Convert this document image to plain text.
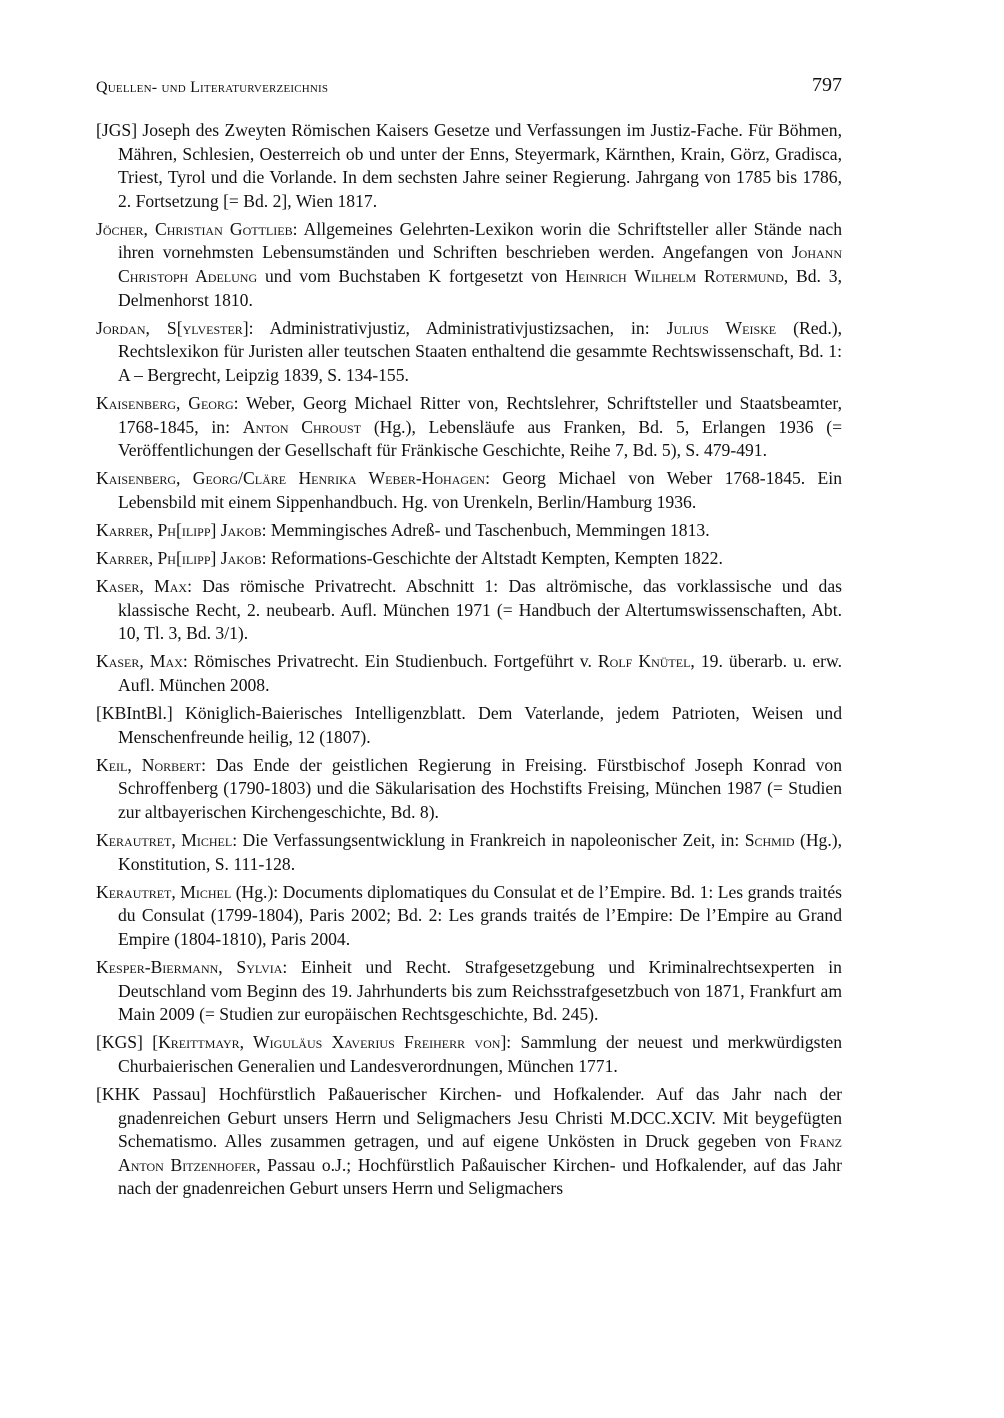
Quellen- und Literaturverzeichnis	797

[JGS] Joseph des Zweyten Römischen Kaisers Gesetze und Verfassungen im Justiz-Fache. Für Böhmen, Mähren, Schlesien, Oesterreich ob und unter der Enns, Steyermark, Kärnthen, Krain, Görz, Gradisca, Triest, Tyrol und die Vorlande. In dem sechsten Jahre seiner Regierung. Jahrgang von 1785 bis 1786, 2. Fortsetzung [= Bd. 2], Wien 1817.

Jöcher, Christian Gottlieb: Allgemeines Gelehrten-Lexikon worin die Schriftsteller aller Stände nach ihren vornehmsten Lebensumständen und Schriften beschrieben werden. Angefangen von Johann Christoph Adelung und vom Buchstaben K fortgesetzt von Heinrich Wilhelm Rotermund, Bd. 3, Delmenhorst 1810.

Jordan, S[ylvester]: Administrativjustiz, Administrativjustizsachen, in: Julius Weiske (Red.), Rechtslexikon für Juristen aller teutschen Staaten enthaltend die gesammte Rechtswissenschaft, Bd. 1: A – Bergrecht, Leipzig 1839, S. 134-155.

Kaisenberg, Georg: Weber, Georg Michael Ritter von, Rechtslehrer, Schriftsteller und Staatsbeamter, 1768-1845, in: Anton Chroust (Hg.), Lebensläufe aus Franken, Bd. 5, Erlangen 1936 (= Veröffentlichungen der Gesellschaft für Fränkische Geschichte, Reihe 7, Bd. 5), S. 479-491.

Kaisenberg, Georg/Cläre Henrika Weber-Hohagen: Georg Michael von Weber 1768-1845. Ein Lebensbild mit einem Sippenhandbuch. Hg. von Urenkeln, Berlin/Hamburg 1936.

Karrer, Ph[ilipp] Jakob: Memmingisches Adreß- und Taschenbuch, Memmingen 1813.

Karrer, Ph[ilipp] Jakob: Reformations-Geschichte der Altstadt Kempten, Kempten 1822.

Kaser, Max: Das römische Privatrecht. Abschnitt 1: Das altrömische, das vorklassische und das klassische Recht, 2. neubearb. Aufl. München 1971 (= Handbuch der Altertumswissenschaften, Abt. 10, Tl. 3, Bd. 3/1).

Kaser, Max: Römisches Privatrecht. Ein Studienbuch. Fortgeführt v. Rolf Knütel, 19. überarb. u. erw. Aufl. München 2008.

[KBIntBl.] Königlich-Baierisches Intelligenzblatt. Dem Vaterlande, jedem Patrioten, Weisen und Menschenfreunde heilig, 12 (1807).

Keil, Norbert: Das Ende der geistlichen Regierung in Freising. Fürstbischof Joseph Konrad von Schroffenberg (1790-1803) und die Säkularisation des Hochstifts Freising, München 1987 (= Studien zur altbayerischen Kirchengeschichte, Bd. 8).

Kerautret, Michel: Die Verfassungsentwicklung in Frankreich in napoleonischer Zeit, in: Schmid (Hg.), Konstitution, S. 111-128.

Kerautret, Michel (Hg.): Documents diplomatiques du Consulat et de l’Empire. Bd. 1: Les grands traités du Consulat (1799-1804), Paris 2002; Bd. 2: Les grands traités de l’Empire: De l’Empire au Grand Empire (1804-1810), Paris 2004.

Kesper-Biermann, Sylvia: Einheit und Recht. Strafgesetzgebung und Kriminalrechtsexperten in Deutschland vom Beginn des 19. Jahrhunderts bis zum Reichsstrafgesetzbuch von 1871, Frankfurt am Main 2009 (= Studien zur europäischen Rechtsgeschichte, Bd. 245).

[KGS] [Kreittmayr, Wiguläus Xaverius Freiherr von]: Sammlung der neuest und merkwürdigsten Churbaierischen Generalien und Landesverordnungen, München 1771.

[KHK Passau] Hochfürstlich Paßauerischer Kirchen- und Hofkalender. Auf das Jahr nach der gnadenreichen Geburt unsers Herrn und Seligmachers Jesu Christi M.DCC.XCIV. Mit beygefügten Schematismo. Alles zusammen getragen, und auf eigene Unkösten in Druck gegeben von Franz Anton Bitzenhofer, Passau o.J.; Hochfürstlich Paßauischer Kirchen- und Hofkalender, auf das Jahr nach der gnadenreichen Geburt unsers Herrn und Seligmachers
